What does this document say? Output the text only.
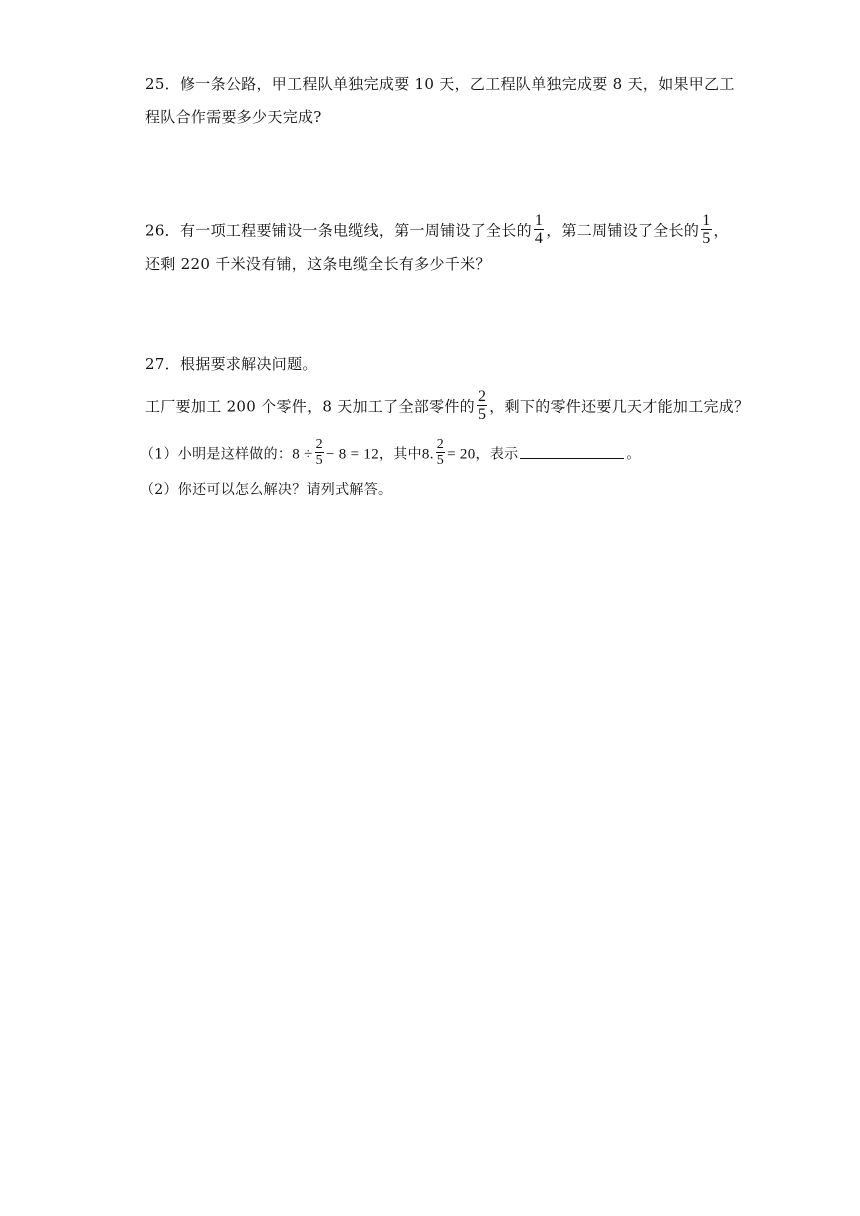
25．修一条公路，甲工程队单独完成要 10 天，乙工程队单独完成要 8 天，如果甲乙工
程队合作需要多少天完成?
26．有一项工程要铺设一条电缆线，第一周铺设了全长的 $\frac{1}{4}$ ，第二周铺设了全长的 $\frac{1}{5}$ ，
还剩 220 千米没有铺，这条电缆全长有多少千米？
27．根据要求解决问题。
工厂要加工 200 个零件，8 天加工了全部零件的 $\frac{2}{5}$ ，剩下的零件还要几天才能加工完成？
（1）小明是这样做的：$8 \div \frac{2}{5} - 8 = 12$，其中8. $\frac{2}{5} = 20$，表示	。
（2）你还可以怎么解决？请列式解答。
